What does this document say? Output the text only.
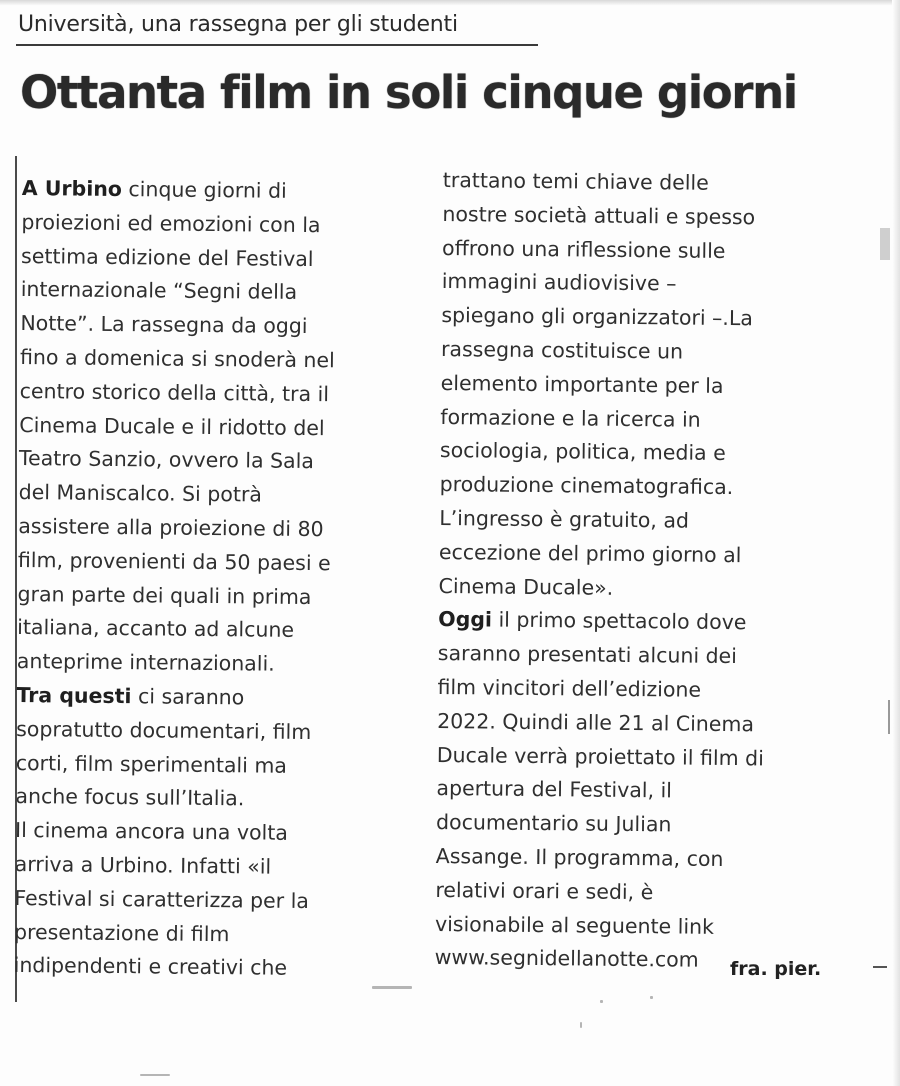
Università, una rassegna per gli studenti
Ottanta film in soli cinque giorni
A Urbino cinque giorni di
proiezioni ed emozioni con la
settima edizione del Festival
internazionale “Segni della
Notte”. La rassegna da oggi
fino a domenica si snoderà nel
centro storico della città, tra il
Cinema Ducale e il ridotto del
Teatro Sanzio, ovvero la Sala
del Maniscalco. Si potrà
assistere alla proiezione di 80
film, provenienti da 50 paesi e
gran parte dei quali in prima
italiana, accanto ad alcune
anteprime internazionali.
Tra questi ci saranno
sopratutto documentari, film
corti, film sperimentali ma
anche focus sull’Italia.
Il cinema ancora una volta
arriva a Urbino. Infatti «il
Festival si caratterizza per la
presentazione di film
indipendenti e creativi che
trattano temi chiave delle
nostre società attuali e spesso
offrono una riflessione sulle
immagini audiovisive –
spiegano gli organizzatori –.La
rassegna costituisce un
elemento importante per la
formazione e la ricerca in
sociologia, politica, media e
produzione cinematografica.
L’ingresso è gratuito, ad
eccezione del primo giorno al
Cinema Ducale».
Oggi il primo spettacolo dove
saranno presentati alcuni dei
film vincitori dell’edizione
2022. Quindi alle 21 al Cinema
Ducale verrà proiettato il film di
apertura del Festival, il
documentario su Julian
Assange. Il programma, con
relativi orari e sedi, è
visionabile al seguente link
www.segnidellanotte.com	fra. pier.
